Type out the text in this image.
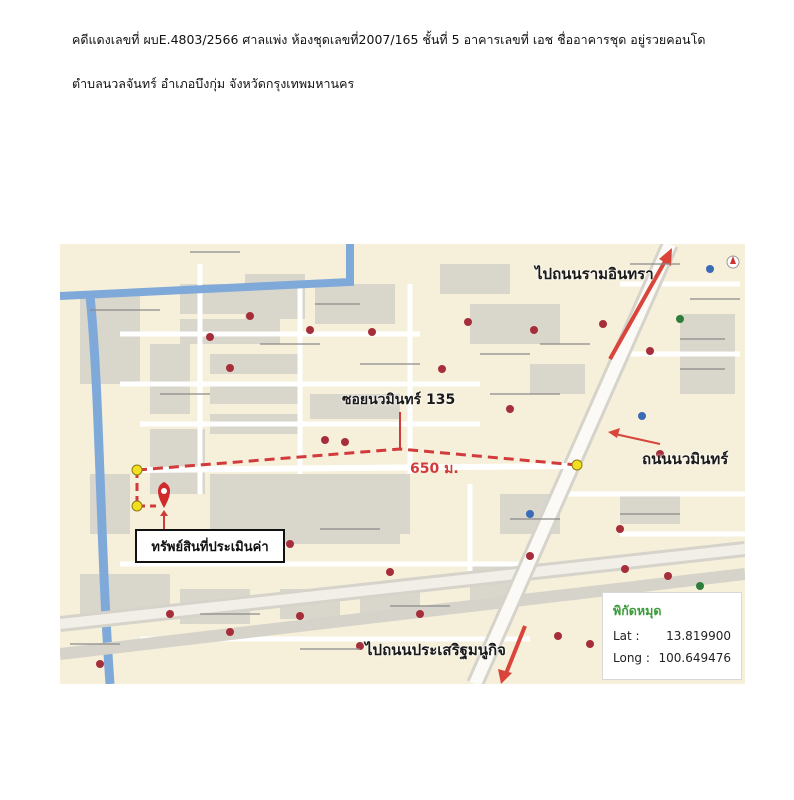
คดีแดงเลขที่ ผบE.4803/2566 ศาลแพ่ง ห้องชุดเลขที่2007/165 ชั้นที่ 5 อาคารเลขที่ เอช ชื่ออาคารชุด อยู่รวยคอนโด
ตำบลนวลจันทร์ อำเภอบึงกุ่ม จังหวัดกรุงเทพมหานคร
ไปถนนรามอินทรา
ซอยนวมินทร์ 135
650 ม.
ถนนนวมินทร์
ทรัพย์สินที่ประเมินค่า
ไปถนนประเสริฐมนูกิจ
พิกัดหมุด
Lat : 13.819900
Long : 100.649476
